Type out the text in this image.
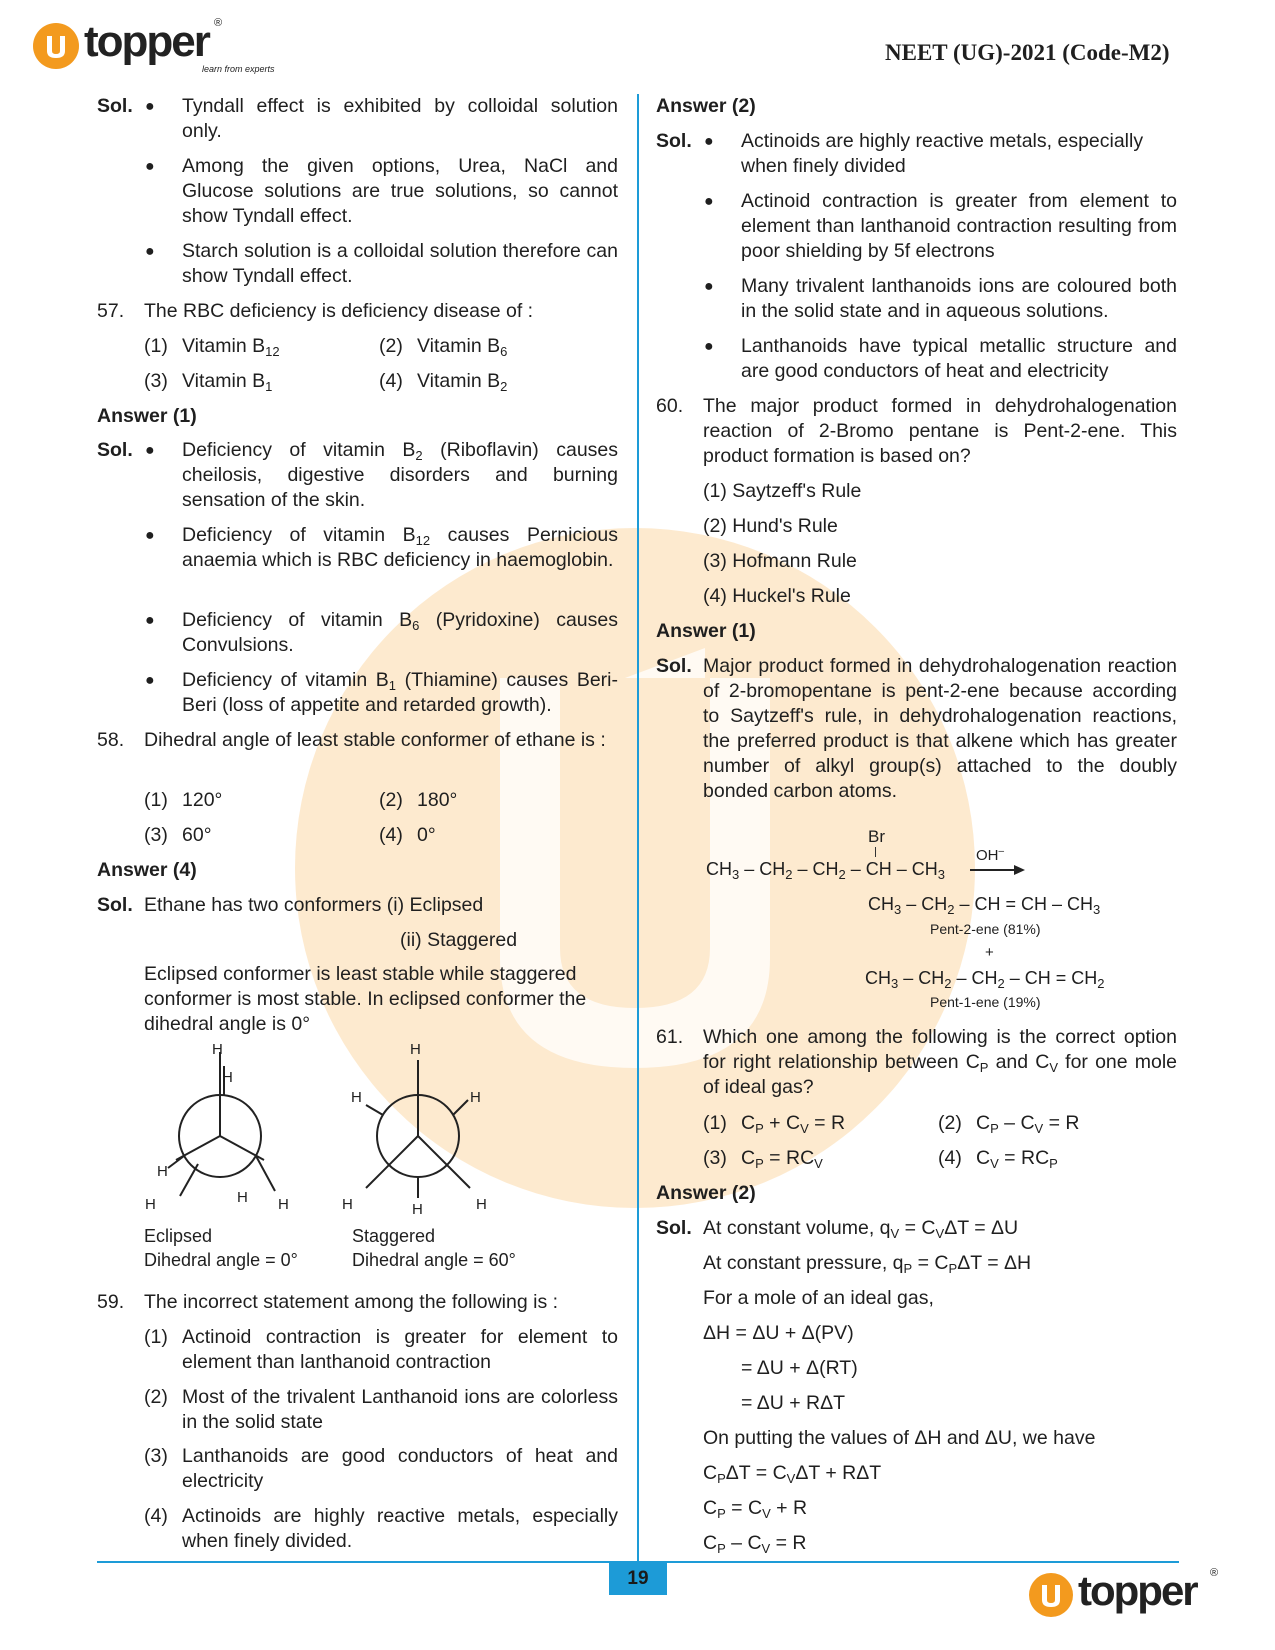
topper
learn from experts
®
NEET (UG)-2021 (Code-M2)
Sol. ● Tyndall effect is exhibited by colloidal solution only.
● Among the given options, Urea, NaCl and Glucose solutions are true solutions, so cannot show Tyndall effect.
● Starch solution is a colloidal solution therefore can show Tyndall effect.
57. The RBC deficiency is deficiency disease of :
(1) Vitamin $B_{12}$	(2) Vitamin $B_6$
(3) Vitamin $B_1$	(4) Vitamin $B_2$
Answer (1)
Sol. ● Deficiency of vitamin $B_2$ (Riboflavin) causes cheilosis, digestive disorders and burning sensation of the skin.
● Deficiency of vitamin $B_{12}$ causes Pernicious anaemia which is RBC deficiency in haemoglobin.
● Deficiency of vitamin $B_6$ (Pyridoxine) causes Convulsions.
● Deficiency of vitamin $B_1$ (Thiamine) causes Beri-Beri (loss of appetite and retarded growth).
58. Dihedral angle of least stable conformer of ethane is :
(1) 120°	(2) 180°
(3) 60°	(4) 0°
Answer (4)
Sol. Ethane has two conformers (i) Eclipsed
(ii) Staggered
Eclipsed conformer is least stable while staggered conformer is most stable. In eclipsed conformer the dihedral angle is 0°
H
H
H
H	H H
H
H	H
H	H	H
Eclipsed
Dihedral angle = 0°
Staggered
Dihedral angle = 60°
59. The incorrect statement among the following is :
(1) Actinoid contraction is greater for element to element than lanthanoid contraction
(2) Most of the trivalent Lanthanoid ions are colorless in the solid state
(3) Lanthanoids are good conductors of heat and electricity
(4) Actinoids are highly reactive metals, especially when finely divided.
Answer (2)
Sol. ● Actinoids are highly reactive metals, especially when finely divided
● Actinoid contraction is greater from element to element than lanthanoid contraction resulting from poor shielding by 5f electrons
● Many trivalent lanthanoids ions are coloured both in the solid state and in aqueous solutions.
● Lanthanoids have typical metallic structure and are good conductors of heat and electricity
60. The major product formed in dehydrohalogenation reaction of 2-Bromo pentane is Pent-2-ene. This product formation is based on?
(1) Saytzeff's Rule
(2) Hund's Rule
(3) Hofmann Rule
(4) Huckel's Rule
Answer (1)
Sol. Major product formed in dehydrohalogenation reaction of 2-bromopentane is pent-2-ene because according to Saytzeff's rule, in dehydrohalogenation reactions, the preferred product is that alkene which has greater number of alkyl group(s) attached to the doubly bonded carbon atoms.
Br
$CH_3 - CH_2 - CH_2$ – CH – $CH_3$
OH–
$CH_3 - CH_2$ – CH = CH – $CH_3$
Pent-2-ene (81%)
+
$CH_3 - CH_2 - CH_2$ – CH = $CH_2$
Pent-1-ene (19%)
61. Which one among the following is the correct option for right relationship between $C_P$ and $C_V$ for one mole of ideal gas?
(1) $C_P + C_V = R$	(2) $C_P - C_V = R$
(3) $C_P = RC_V$	(4) $C_V = RC_P$
Answer (2)
Sol. At constant volume, $q_V = C_V\Delta T = \Delta U$
At constant pressure, $q_P = C_P\Delta T = \Delta H$
For a mole of an ideal gas,
ΔH = ΔU + Δ(PV)
= ΔU + Δ(RT)
= ΔU + RΔT
On putting the values of ΔH and ΔU, we have
$C_P\Delta T = C_V\Delta T + R\Delta T$
$C_P = C_V + R$
$C_P - C_V = R$
19	topper ®
